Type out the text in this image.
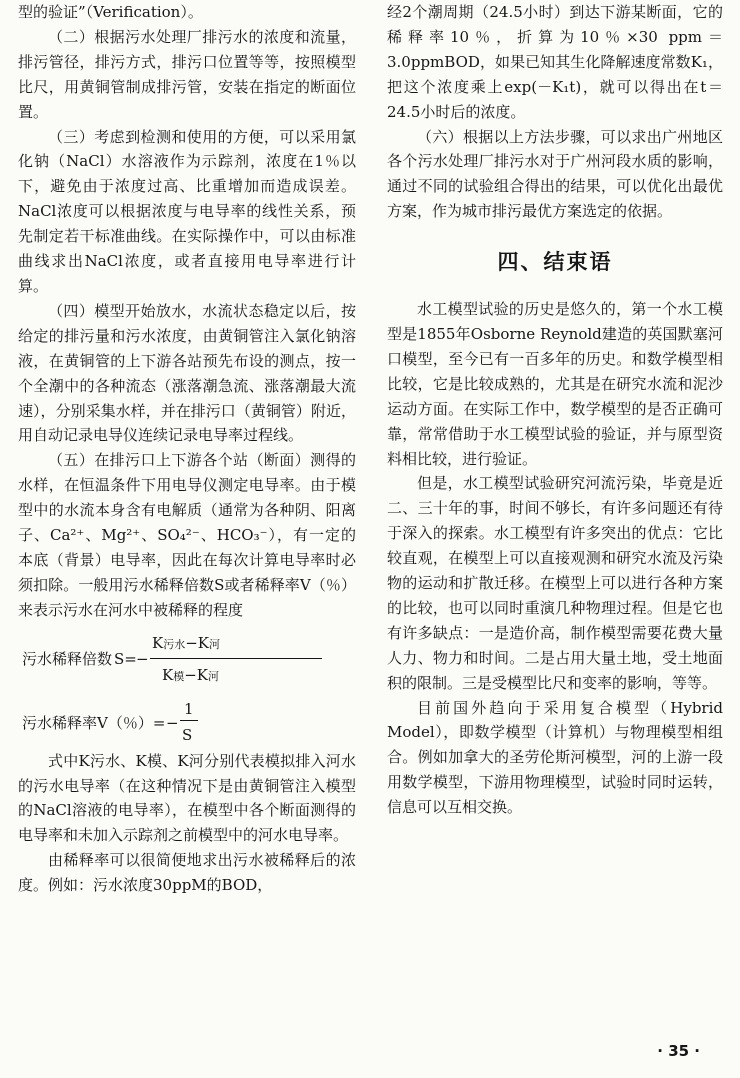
型的验证”（Verification）。

（二）根据污水处理厂排污水的浓度和流量，排污管径，排污方式，排污口位置等等，按照模型比尺，用黄铜管制成排污管，安装在指定的断面位置。

（三）考虑到检测和使用的方便，可以采用氯化钠（NaCl）水溶液作为示踪剂，浓度在1％以下，避免由于浓度过高、比重增加而造成误差。NaCl浓度可以根据浓度与电导率的线性关系，预先制定若干标准曲线。在实际操作中，可以由标准曲线求出NaCl浓度，或者直接用电导率进行计算。

（四）模型开始放水，水流状态稳定以后，按给定的排污量和污水浓度，由黄铜管注入氯化钠溶液，在黄铜管的上下游各站预先布设的测点，按一个全潮中的各种流态（涨落潮急流、涨落潮最大流速），分别采集水样，并在排污口（黄铜管）附近，用自动记录电导仪连续记录电导率过程线。

（五）在排污口上下游各个站（断面）测得的水样，在恒温条件下用电导仪测定电导率。由于模型中的水流本身含有电解质（通常为各种阴、阳离子、Ca²⁺、Mg²⁺、SO₄²⁻、HCO₃⁻），有一定的本底（背景）电导率，因此在每次计算电导率时必须扣除。一般用污水稀释倍数S或者稀释率V（％）来表示污水在河水中被稀释的程度

污水稀释倍数 S= −
K污水−K河
K模−K河
污水稀释率V（％）= −
1
S

式中K污水、K模、K河分别代表模拟排入河水的污水电导率（在这种情况下是由黄铜管注入模型的NaCl溶液的电导率），在模型中各个断面测得的电导率和未加入示踪剂之前模型中的河水电导率。

由稀释率可以很简便地求出污水被稀释后的浓度。例如：污水浓度30ppM的BOD，

经2个潮周期（24.5小时）到达下游某断面，它的稀释率10％，折算为10％×30 ppm＝3.0ppmBOD，如果已知其生化降解速度常数K₁，把这个浓度乘上exp(－K₁t)，就可以得出在t＝24.5小时后的浓度。

（六）根据以上方法步骤，可以求出广州地区各个污水处理厂排污水对于广州河段水质的影响，通过不同的试验组合得出的结果，可以优化出最优方案，作为城市排污最优方案选定的依据。

四、结束语

水工模型试验的历史是悠久的，第一个水工模型是1855年Osborne Reynold建造的英国默塞河口模型，至今已有一百多年的历史。和数学模型相比较，它是比较成熟的，尤其是在研究水流和泥沙运动方面。在实际工作中，数学模型的是否正确可靠，常常借助于水工模型试验的验证，并与原型资料相比较，进行验证。

但是，水工模型试验研究河流污染，毕竟是近二、三十年的事，时间不够长，有许多问题还有待于深入的探索。水工模型有许多突出的优点：它比较直观，在模型上可以直接观测和研究水流及污染物的运动和扩散迁移。在模型上可以进行各种方案的比较，也可以同时重演几种物理过程。但是它也有许多缺点：一是造价高，制作模型需要花费大量人力、物力和时间。二是占用大量土地，受土地面积的限制。三是受模型比尺和变率的影响，等等。

目前国外趋向于采用复合模型（Hybrid Model），即数学模型（计算机）与物理模型相组合。例如加拿大的圣劳伦斯河模型，河的上游一段用数学模型，下游用物理模型，试验时同时运转，信息可以互相交换。

· 35 ·
